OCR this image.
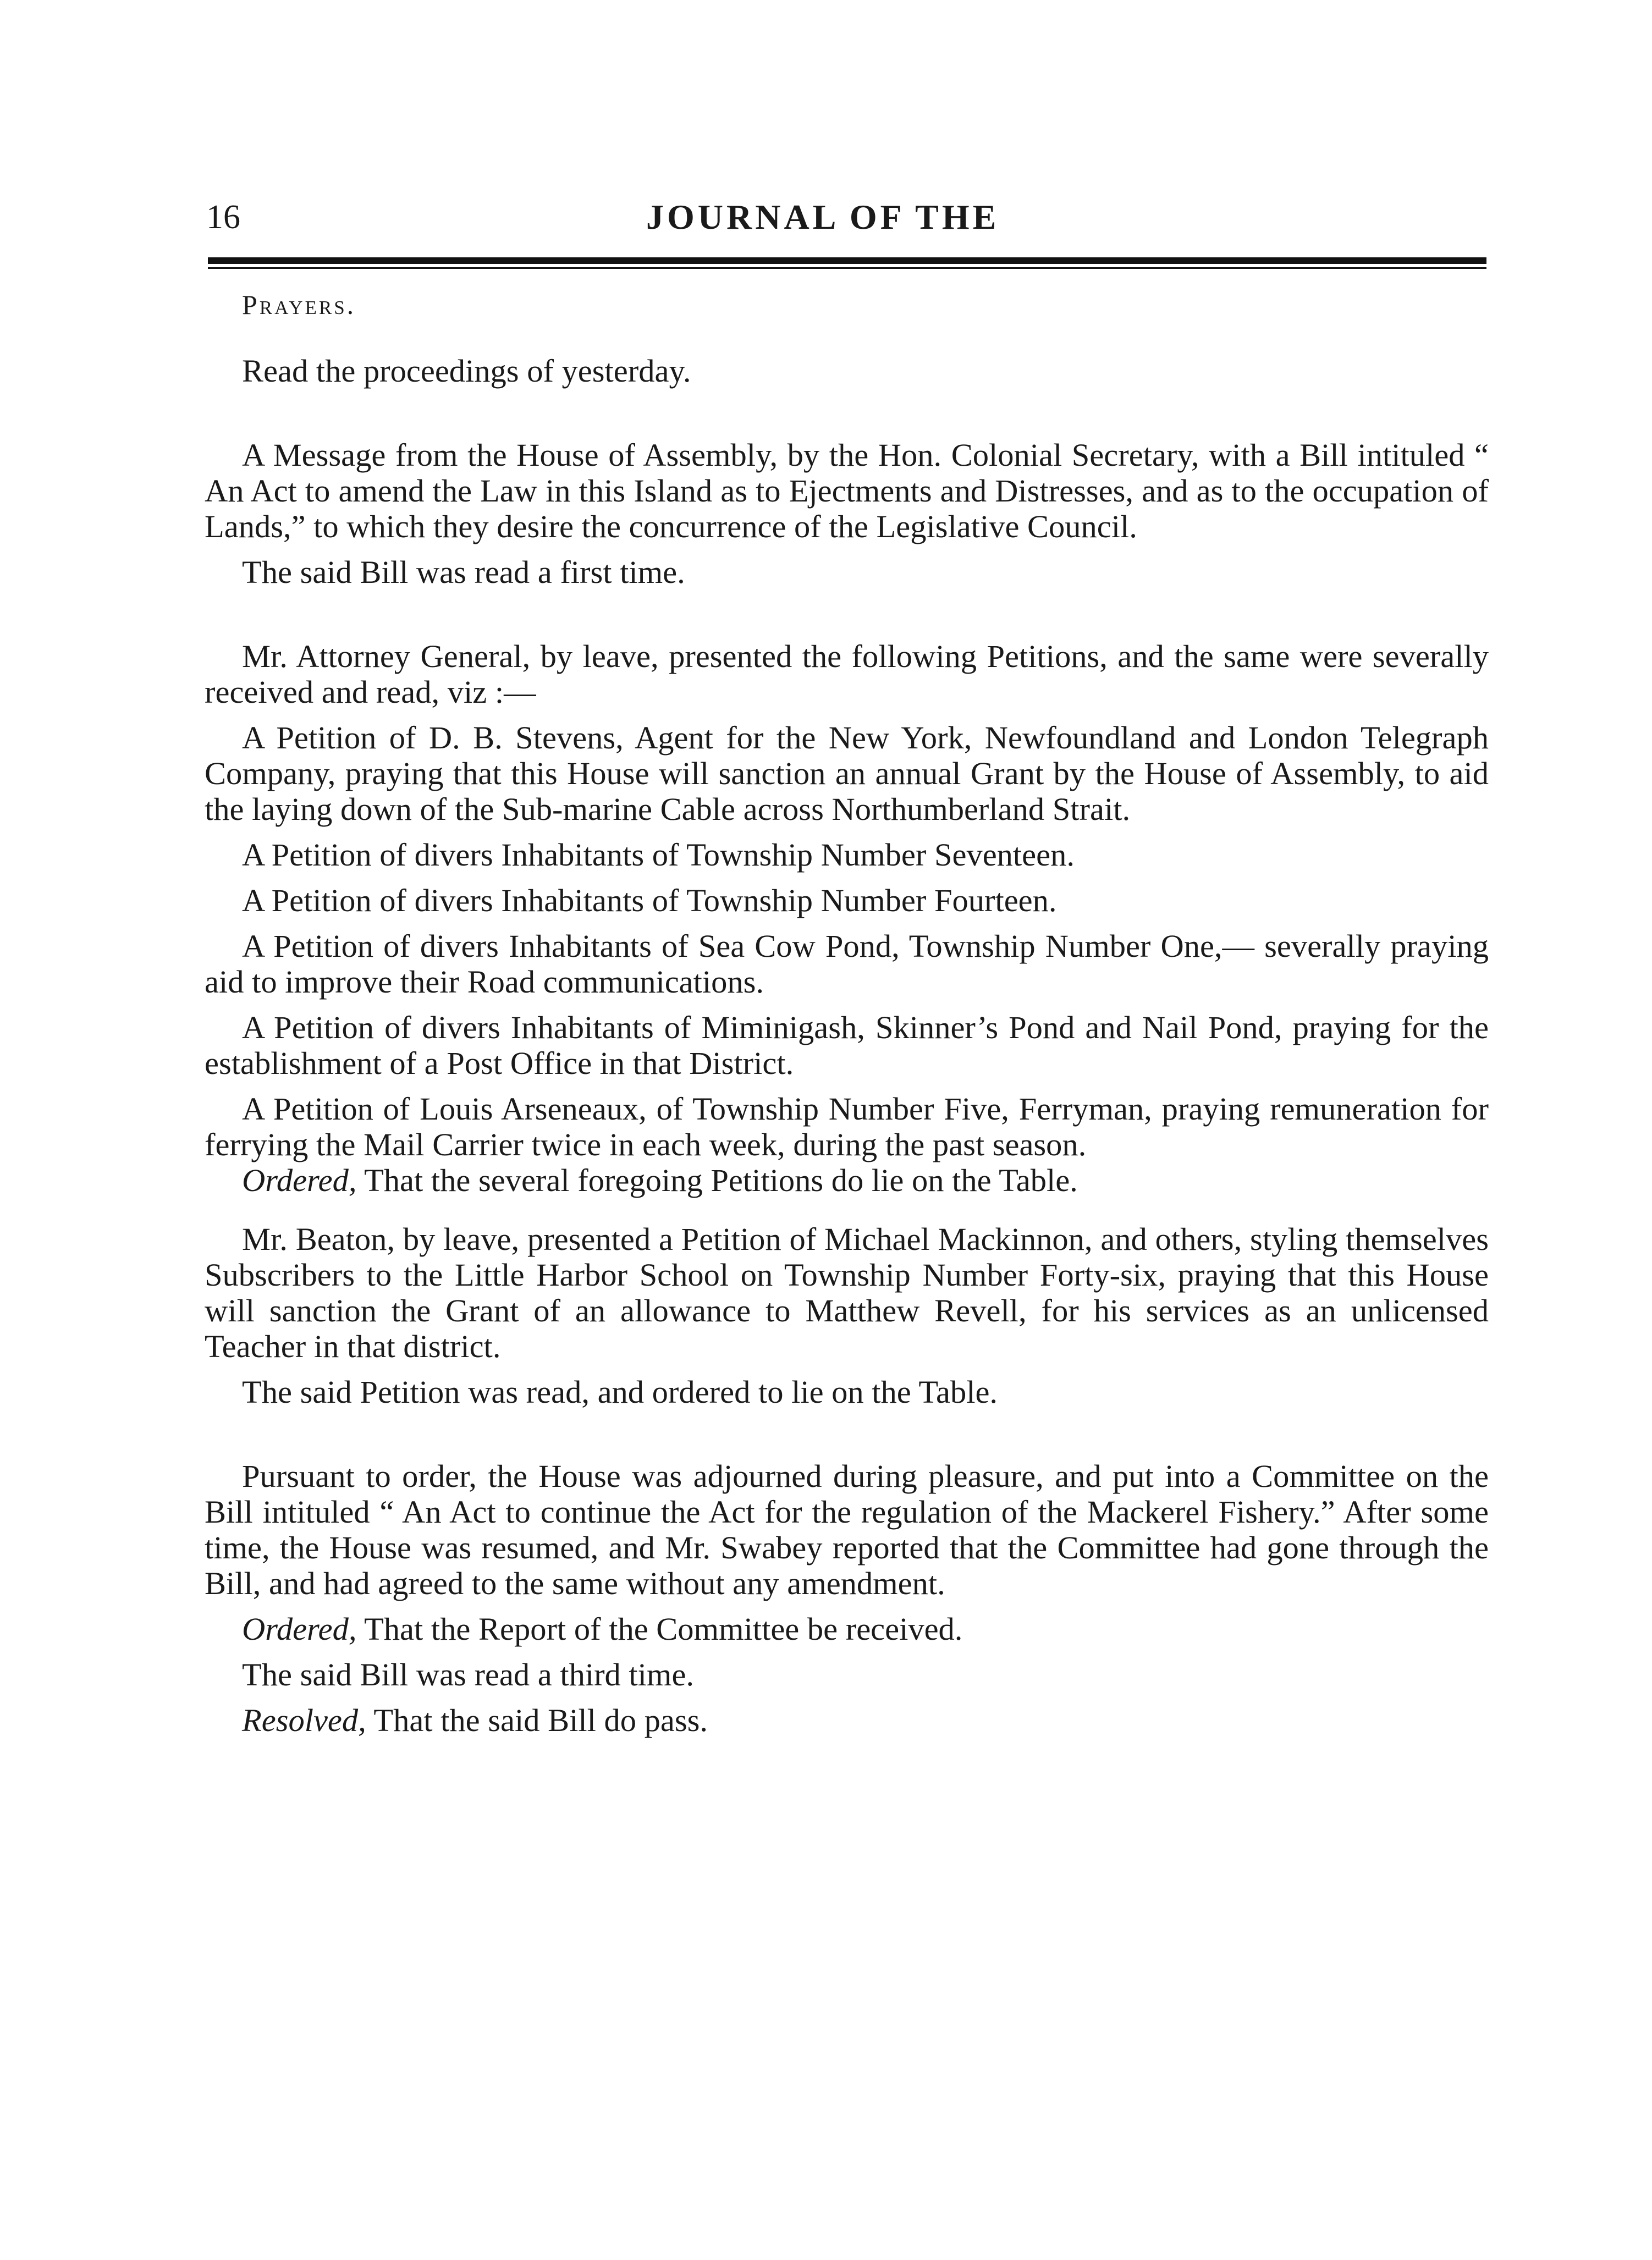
16	JOURNAL OF THE

Prayers.

Read the proceedings of yesterday.

A Message from the House of Assembly, by the Hon. Colonial Secretary, with a Bill intituled “ An Act to amend the Law in this Island as to Ejectments and Distresses, and as to the occupation of Lands,” to which they desire the concurrence of the Legislative Council.

The said Bill was read a first time.

Mr. Attorney General, by leave, presented the following Petitions, and the same were severally received and read, viz :—

A Petition of D. B. Stevens, Agent for the New York, Newfoundland and London Telegraph Company, praying that this House will sanction an annual Grant by the House of Assembly, to aid the laying down of the Sub-marine Cable across Northumberland Strait.

A Petition of divers Inhabitants of Township Number Seventeen.

A Petition of divers Inhabitants of Township Number Fourteen.

A Petition of divers Inhabitants of Sea Cow Pond, Township Number One,— severally praying aid to improve their Road communications.

A Petition of divers Inhabitants of Miminigash, Skinner’s Pond and Nail Pond, praying for the establishment of a Post Office in that District.

A Petition of Louis Arseneaux, of Township Number Five, Ferryman, praying remuneration for ferrying the Mail Carrier twice in each week, during the past season.

Ordered, That the several foregoing Petitions do lie on the Table.

Mr. Beaton, by leave, presented a Petition of Michael Mackinnon, and others, styling themselves Subscribers to the Little Harbor School on Township Number Forty-six, praying that this House will sanction the Grant of an allowance to Matthew Revell, for his services as an unlicensed Teacher in that district.

The said Petition was read, and ordered to lie on the Table.

Pursuant to order, the House was adjourned during pleasure, and put into a Committee on the Bill intituled “ An Act to continue the Act for the regulation of the Mackerel Fishery.” After some time, the House was resumed, and Mr. Swabey reported that the Committee had gone through the Bill, and had agreed to the same without any amendment.

Ordered, That the Report of the Committee be received.

The said Bill was read a third time.

Resolved, That the said Bill do pass.
